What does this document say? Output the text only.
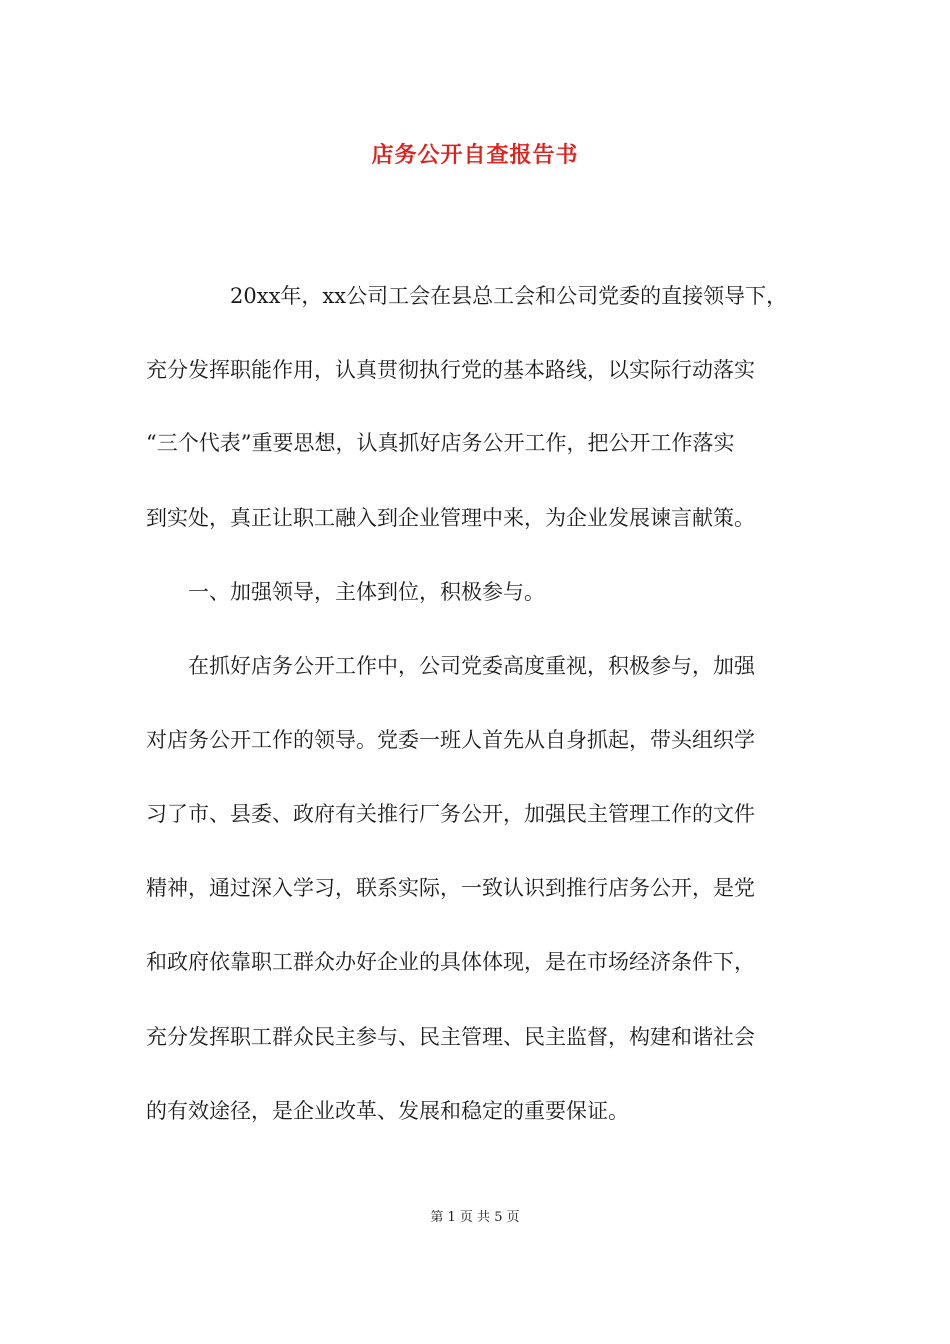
店务公开自查报告书
　　　　20xx年，xx公司工会在县总工会和公司党委的直接领导下，
充分发挥职能作用，认真贯彻执行党的基本路线，以实际行动落实
“三个代表”重要思想，认真抓好店务公开工作，把公开工作落实
到实处，真正让职工融入到企业管理中来，为企业发展谏言献策。
　　一、加强领导，主体到位，积极参与。
　　在抓好店务公开工作中，公司党委高度重视，积极参与，加强
对店务公开工作的领导。党委一班人首先从自身抓起，带头组织学
习了市、县委、政府有关推行厂务公开，加强民主管理工作的文件
精神，通过深入学习，联系实际，一致认识到推行店务公开，是党
和政府依靠职工群众办好企业的具体体现，是在市场经济条件下，
充分发挥职工群众民主参与、民主管理、民主监督，构建和谐社会
的有效途径，是企业改革、发展和稳定的重要保证。
第 1 页 共 5 页
